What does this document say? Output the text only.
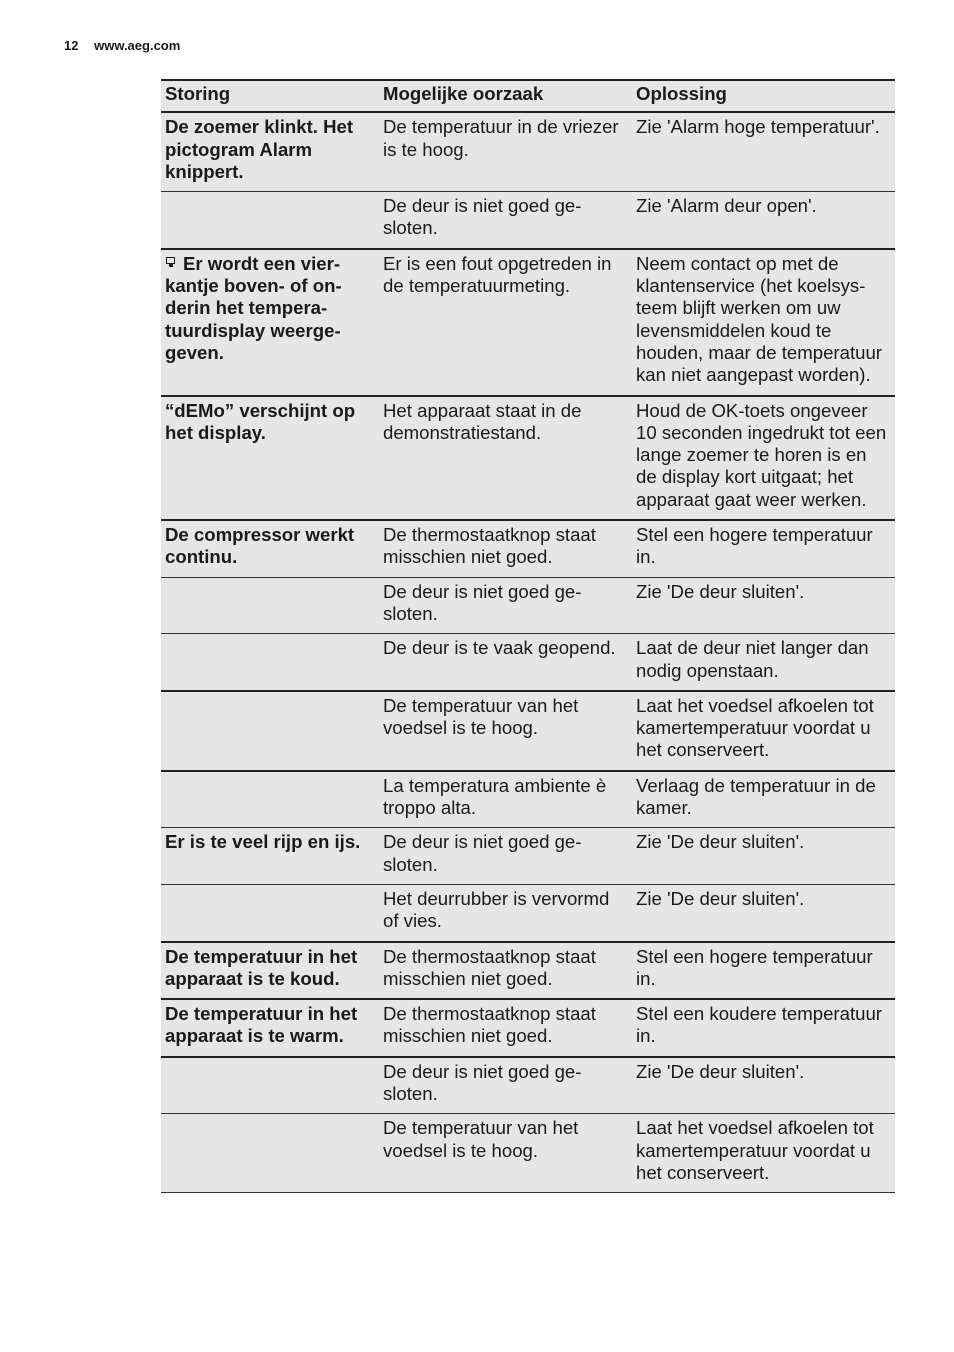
12 www.aeg.com
Storing	Mogelijke oorzaak	Oplossing
De zoemer klinkt. Het pictogram Alarm knippert.	De temperatuur in de vriezer is te hoog.	Zie 'Alarm hoge temperatuur'.
	De deur is niet goed gesloten.	Zie 'Alarm deur open'.
Er wordt een vierkantje boven- of onderin het temperatuurdisplay weergegeven.	Er is een fout opgetreden in de temperatuurmeting.	Neem contact op met de klantenservice (het koelsysteem blijft werken om uw levensmiddelen koud te houden, maar de temperatuur kan niet aangepast worden).
“dEMo” verschijnt op het display.	Het apparaat staat in de demonstratiestand.	Houd de OK-toets ongeveer 10 seconden ingedrukt tot een lange zoemer te horen is en de display kort uitgaat; het apparaat gaat weer werken.
De compressor werkt continu.	De thermostaatknop staat misschien niet goed.	Stel een hogere temperatuur in.
	De deur is niet goed gesloten.	Zie 'De deur sluiten'.
	De deur is te vaak geopend.	Laat de deur niet langer dan nodig openstaan.
	De temperatuur van het voedsel is te hoog.	Laat het voedsel afkoelen tot kamertemperatuur voordat u het conserveert.
	La temperatura ambiente è troppo alta.	Verlaag de temperatuur in de kamer.
Er is te veel rijp en ijs.	De deur is niet goed gesloten.	Zie 'De deur sluiten'.
	Het deurrubber is vervormd of vies.	Zie 'De deur sluiten'.
De temperatuur in het apparaat is te koud.	De thermostaatknop staat misschien niet goed.	Stel een hogere temperatuur in.
De temperatuur in het apparaat is te warm.	De thermostaatknop staat misschien niet goed.	Stel een koudere temperatuur in.
	De deur is niet goed gesloten.	Zie 'De deur sluiten'.
	De temperatuur van het voedsel is te hoog.	Laat het voedsel afkoelen tot kamertemperatuur voordat u het conserveert.
